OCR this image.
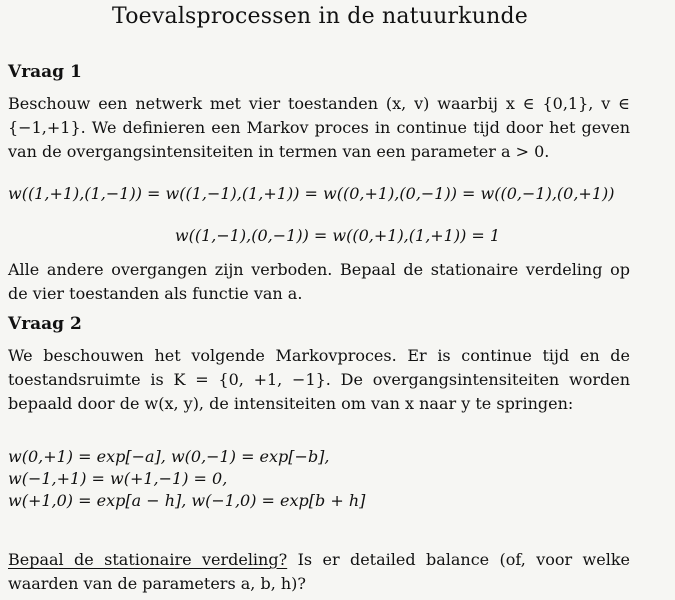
Toevalsprocessen in de natuurkunde
Vraag 1
Beschouw een netwerk met vier toestanden (x, v) waarbij x ∈ {0,1}, v ∈ {−1,+1}. We definieren een Markov proces in continue tijd door het geven van de overgangsintensiteiten in termen van een parameter a > 0.
w((1,+1),(1,−1)) = w((1,−1),(1,+1)) = w((0,+1),(0,−1)) = w((0,−1),(0,+1))
w((1,−1),(0,−1)) = w((0,+1),(1,+1)) = 1
Alle andere overgangen zijn verboden. Bepaal de stationaire verdeling op de vier toestanden als functie van a.
Vraag 2
We beschouwen het volgende Markovproces. Er is continue tijd en de toestandsruimte is K = {0, +1, −1}. De overgangsintensiteiten worden bepaald door de w(x, y), de intensiteiten om van x naar y te springen:
w(0,+1) = exp[−a], w(0,−1) = exp[−b],
w(−1,+1) = w(+1,−1) = 0,
w(+1,0) = exp[a − h], w(−1,0) = exp[b + h]
Bepaal de stationaire verdeling? Is er detailed balance (of, voor welke waarden van de parameters a, b, h)?
